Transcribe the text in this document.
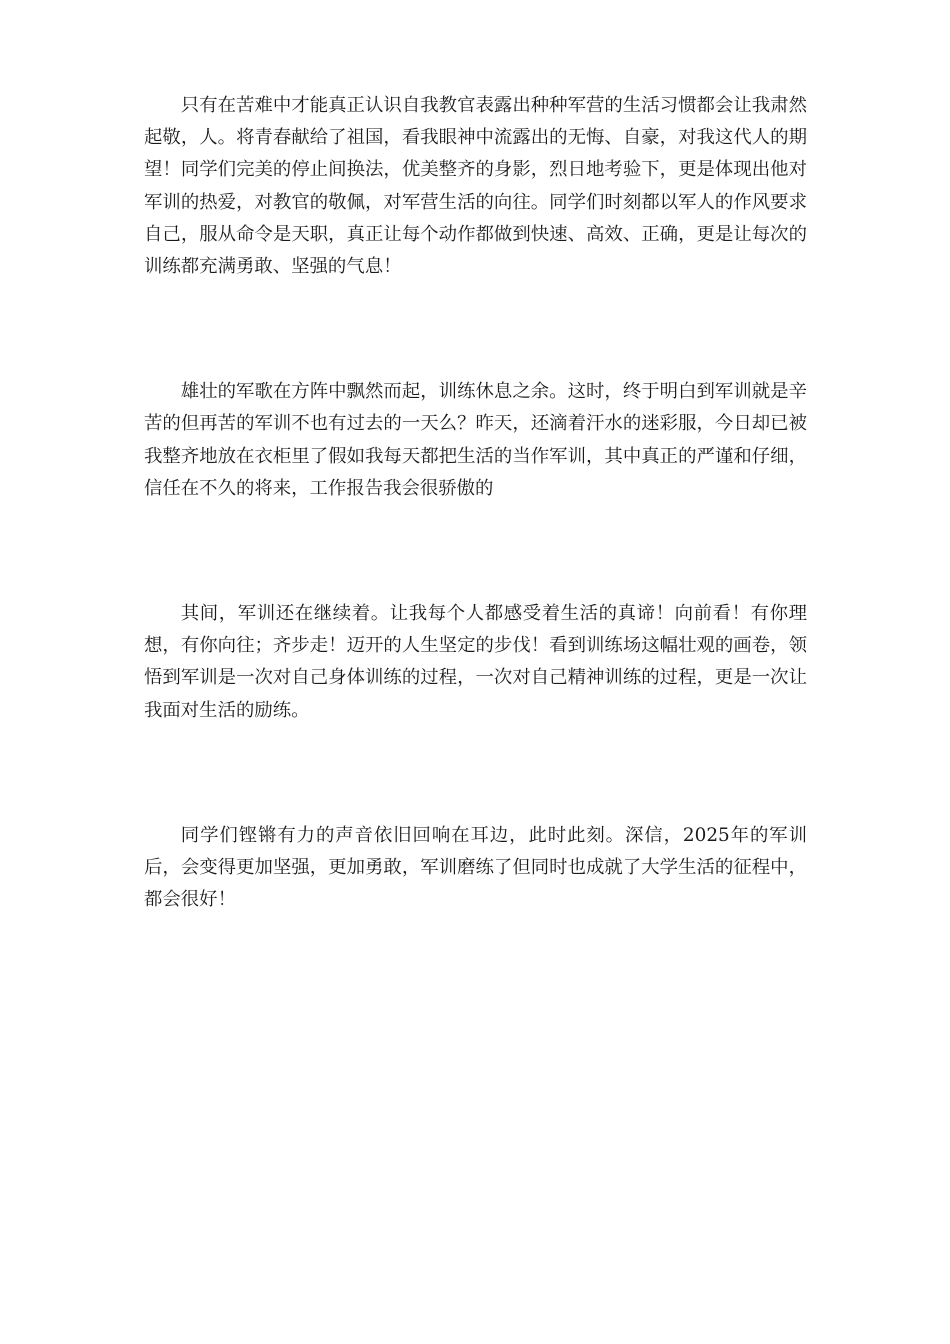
只有在苦难中才能真正认识自我教官表露出种种军营的生活习惯都会让我肃然起敬，人。将青春献给了祖国，看我眼神中流露出的无悔、自豪，对我这代人的期望！同学们完美的停止间换法，优美整齐的身影，烈日地考验下，更是体现出他对军训的热爱，对教官的敬佩，对军营生活的向往。同学们时刻都以军人的作风要求自己，服从命令是天职，真正让每个动作都做到快速、高效、正确，更是让每次的训练都充满勇敢、坚强的气息！

雄壮的军歌在方阵中飘然而起，训练休息之余。这时，终于明白到军训就是辛苦的但再苦的军训不也有过去的一天么？昨天，还滴着汗水的迷彩服，今日却已被我整齐地放在衣柜里了假如我每天都把生活的当作军训，其中真正的严谨和仔细，信任在不久的将来，工作报告我会很骄傲的

其间，军训还在继续着。让我每个人都感受着生活的真谛！向前看！有你理想，有你向往；齐步走！迈开的人生坚定的步伐！看到训练场这幅壮观的画卷，领悟到军训是一次对自己身体训练的过程，一次对自己精神训练的过程，更是一次让我面对生活的励练。

同学们铿锵有力的声音依旧回响在耳边，此时此刻。深信，2025年的军训后，会变得更加坚强，更加勇敢，军训磨练了但同时也成就了大学生活的征程中，都会很好！
